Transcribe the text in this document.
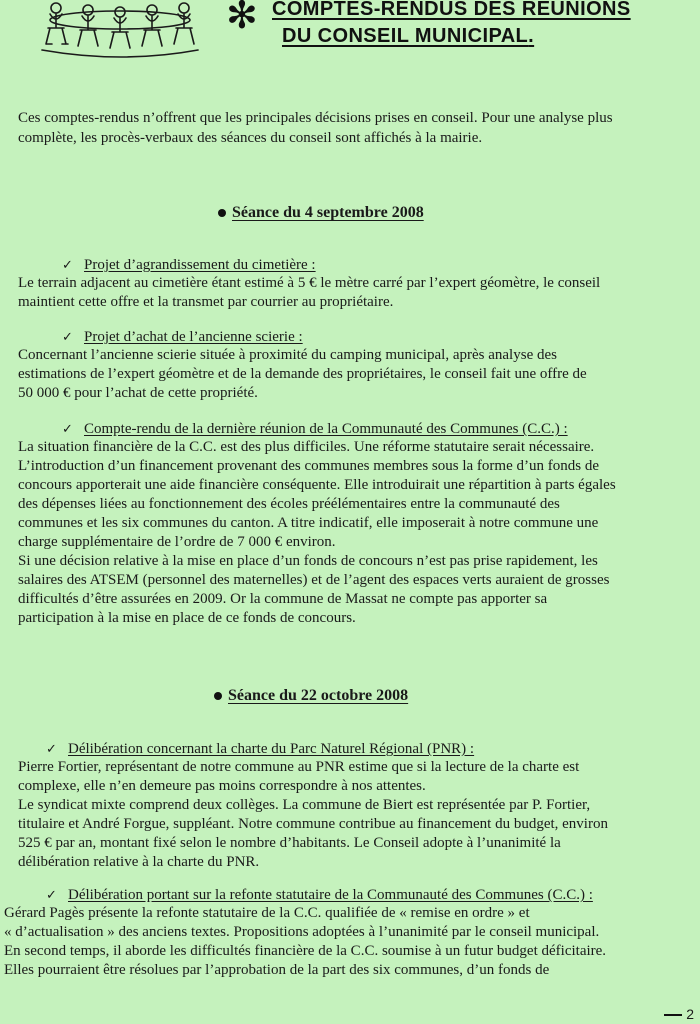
✻ COMPTES-RENDUS DES REUNIONS
DU CONSEIL MUNICIPAL.
Ces comptes-rendus n’offrent que les principales décisions prises en conseil. Pour une analyse plus complète, les procès-verbaux des séances du conseil sont affichés à la mairie.
Séance du 4 septembre 2008
✓ Projet d’agrandissement du cimetière :
Le terrain adjacent au cimetière étant estimé à 5 € le mètre carré par l’expert géomètre, le conseil
maintient cette offre et la transmet par courrier au propriétaire.
✓ Projet d’achat de l’ancienne scierie :
Concernant l’ancienne scierie située à proximité du camping municipal, après analyse des
estimations de l’expert géomètre et de la demande des propriétaires, le conseil fait une offre de
50 000 € pour l’achat de cette propriété.
✓ Compte-rendu de la dernière réunion de la Communauté des Communes (C.C.) :
La situation financière de la C.C. est des plus difficiles. Une réforme statutaire serait nécessaire.
L’introduction d’un financement provenant des communes membres sous la forme d’un fonds de
concours apporterait une aide financière conséquente. Elle introduirait une répartition à parts égales
des dépenses liées au fonctionnement des écoles préélémentaires entre la communauté des
communes et les six communes du canton. A titre indicatif, elle imposerait à notre commune une
charge supplémentaire de l’ordre de 7 000 € environ.
Si une décision relative à la mise en place d’un fonds de concours n’est pas prise rapidement, les
salaires des ATSEM (personnel des maternelles) et de l’agent des espaces verts auraient de grosses
difficultés d’être assurées en 2009. Or la commune de Massat ne compte pas apporter sa
participation à la mise en place de ce fonds de concours.
Séance du 22 octobre 2008
✓ Délibération concernant la charte du Parc Naturel Régional (PNR) :
Pierre Fortier, représentant de notre commune au PNR estime que si la lecture de la charte est
complexe, elle n’en demeure pas moins correspondre à nos attentes.
Le syndicat mixte comprend deux collèges. La commune de Biert est représentée par P. Fortier,
titulaire et André Forgue, suppléant. Notre commune contribue au financement du budget, environ
525 € par an, montant fixé selon le nombre d’habitants. Le Conseil adopte à l’unanimité la
délibération relative à la charte du PNR.
✓ Délibération portant sur la refonte statutaire de la Communauté des Communes (C.C.) :
Gérard Pagès présente la refonte statutaire de la C.C. qualifiée de « remise en ordre » et
« d’actualisation » des anciens textes. Propositions adoptées à l’unanimité par le conseil municipal.
En second temps, il aborde les difficultés financière de la C.C. soumise à un futur budget déficitaire.
Elles pourraient être résolues par l’approbation de la part des six communes, d’un fonds de
2
